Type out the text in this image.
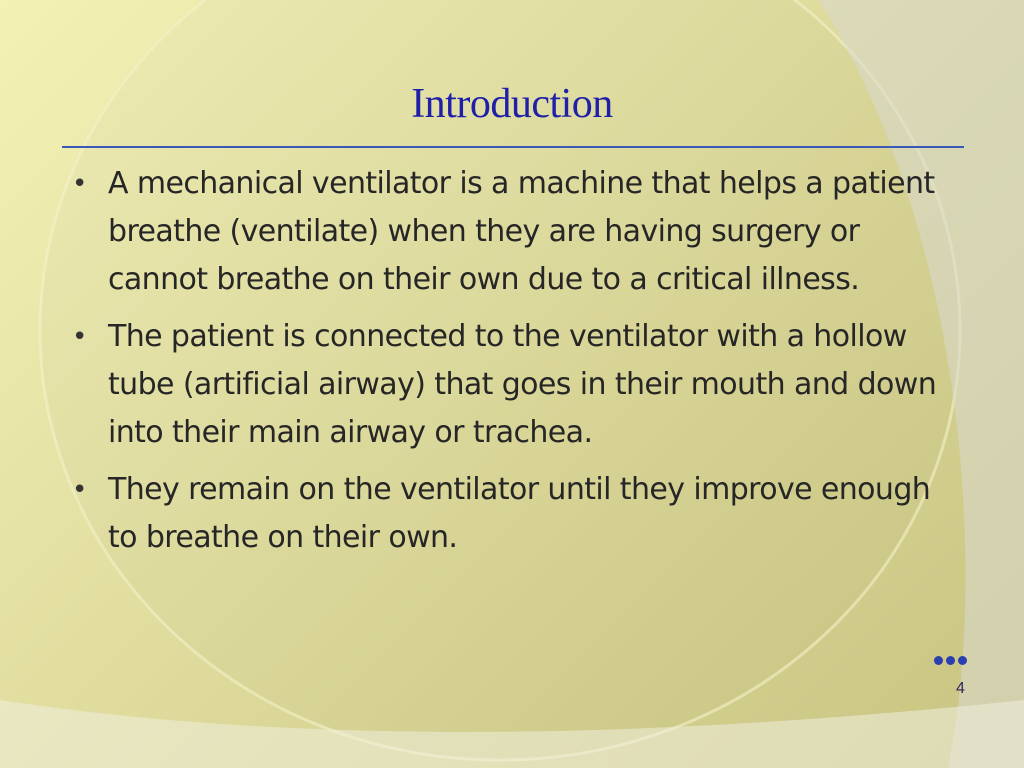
Introduction
• A mechanical ventilator is a machine that helps a patient breathe (ventilate) when they are having surgery or cannot breathe on their own due to a critical illness.
• The patient is connected to the ventilator with a hollow tube (artificial airway) that goes in their mouth and down into their main airway or trachea.
• They remain on the ventilator until they improve enough to breathe on their own.
4
